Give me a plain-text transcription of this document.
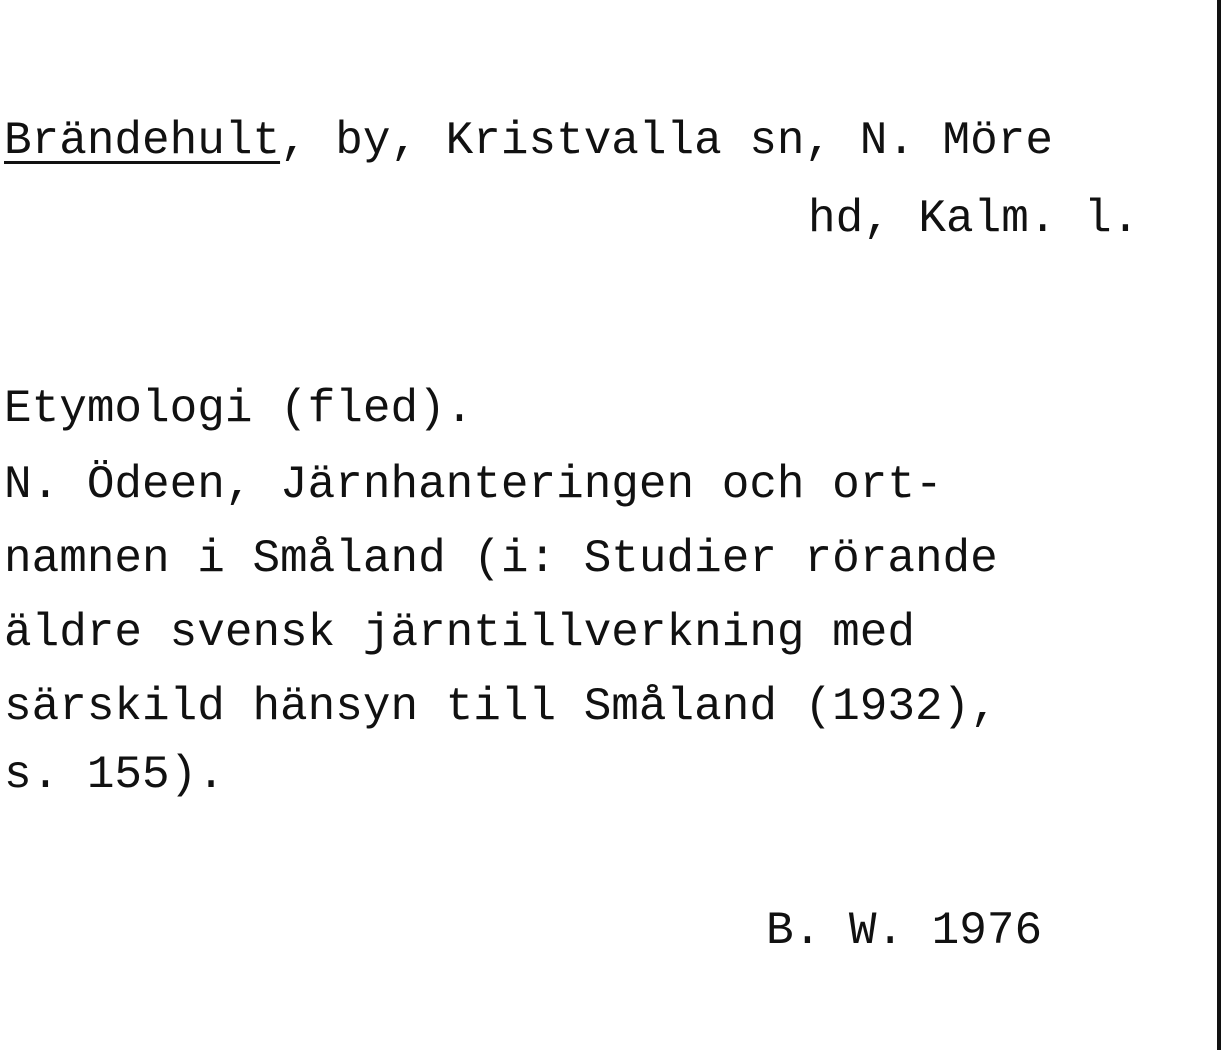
Brändehult, by, Kristvalla sn, N. Möre
hd, Kalm. l.
Etymologi (fled).
N. Ödeen, Järnhanteringen och ort-
namnen i Småland (i: Studier rörande
äldre svensk järntillverkning med
särskild hänsyn till Småland (1932),
s. 155).
B. W. 1976
